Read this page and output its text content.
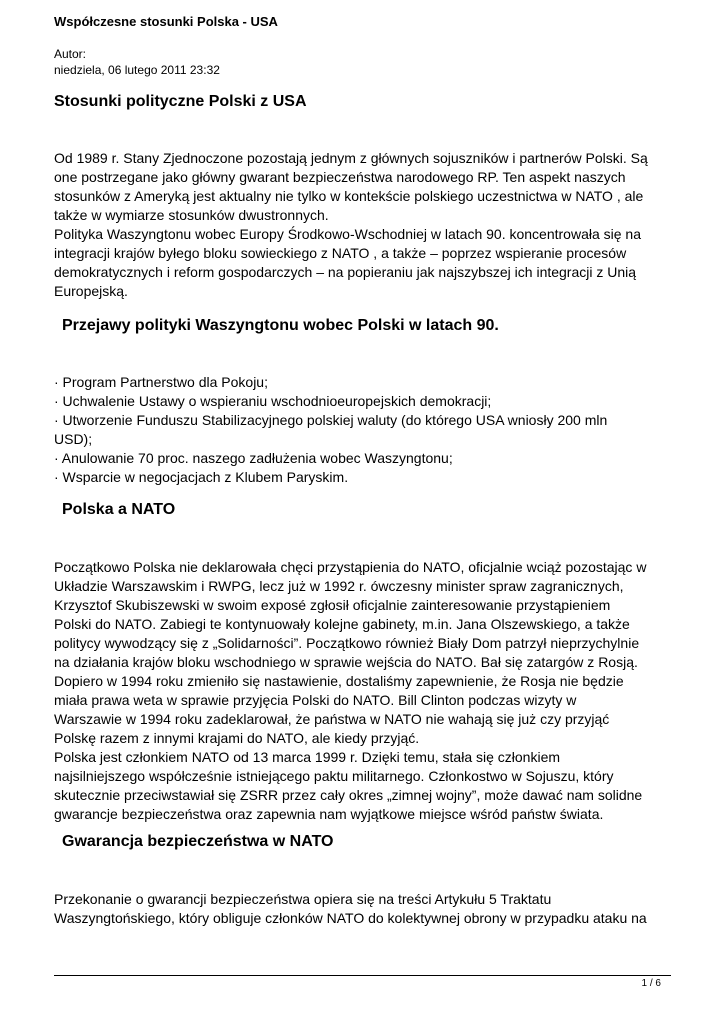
Współczesne stosunki Polska - USA
Autor:
niedziela, 06 lutego 2011 23:32
Stosunki polityczne Polski z USA
Od 1989 r. Stany Zjednoczone pozostają jednym z głównych sojuszników i partnerów Polski. Są
one postrzegane jako główny gwarant bezpieczeństwa narodowego RP. Ten aspekt naszych
stosunków z Ameryką jest aktualny nie tylko w kontekście polskiego uczestnictwa w NATO , ale
także w wymiarze stosunków dwustronnych.
Polityka Waszyngtonu wobec Europy Środkowo-Wschodniej w latach 90. koncentrowała się na
integracji krajów byłego bloku sowieckiego z NATO , a także – poprzez wspieranie procesów
demokratycznych i reform gospodarczych – na popieraniu jak najszybszej ich integracji z Unią
Europejską.
Przejawy polityki Waszyngtonu wobec Polski w latach 90.
· Program Partnerstwo dla Pokoju;
· Uchwalenie Ustawy o wspieraniu wschodnioeuropejskich demokracji;
· Utworzenie Funduszu Stabilizacyjnego polskiej waluty (do którego USA wniosły 200 mln
USD);
· Anulowanie 70 proc. naszego zadłużenia wobec Waszyngtonu;
· Wsparcie w negocjacjach z Klubem Paryskim.
Polska a NATO
Początkowo Polska nie deklarowała chęci przystąpienia do NATO, oficjalnie wciąż pozostając w
Układzie Warszawskim i RWPG, lecz już w 1992 r. ówczesny minister spraw zagranicznych,
Krzysztof Skubiszewski w swoim exposé zgłosił oficjalnie zainteresowanie przystąpieniem
Polski do NATO. Zabiegi te kontynuowały kolejne gabinety, m.in. Jana Olszewskiego, a także
politycy wywodzący się z „Solidarności”. Początkowo również Biały Dom patrzył nieprzychylnie
na działania krajów bloku wschodniego w sprawie wejścia do NATO. Bał się zatargów z Rosją.
Dopiero w 1994 roku zmieniło się nastawienie, dostaliśmy zapewnienie, że Rosja nie będzie
miała prawa weta w sprawie przyjęcia Polski do NATO. Bill Clinton podczas wizyty w
Warszawie w 1994 roku zadeklarował, że państwa w NATO nie wahają się już czy przyjąć
Polskę razem z innymi krajami do NATO, ale kiedy przyjąć.
Polska jest członkiem NATO od 13 marca 1999 r. Dzięki temu, stała się członkiem
najsilniejszego współcześnie istniejącego paktu militarnego. Członkostwo w Sojuszu, który
skutecznie przeciwstawiał się ZSRR przez cały okres „zimnej wojny”, może dawać nam solidne
gwarancje bezpieczeństwa oraz zapewnia nam wyjątkowe miejsce wśród państw świata.
Gwarancja bezpieczeństwa w NATO
Przekonanie o gwarancji bezpieczeństwa opiera się na treści Artykułu 5 Traktatu
Waszyngtońskiego, który obliguje członków NATO do kolektywnej obrony w przypadku ataku na
1 / 6
